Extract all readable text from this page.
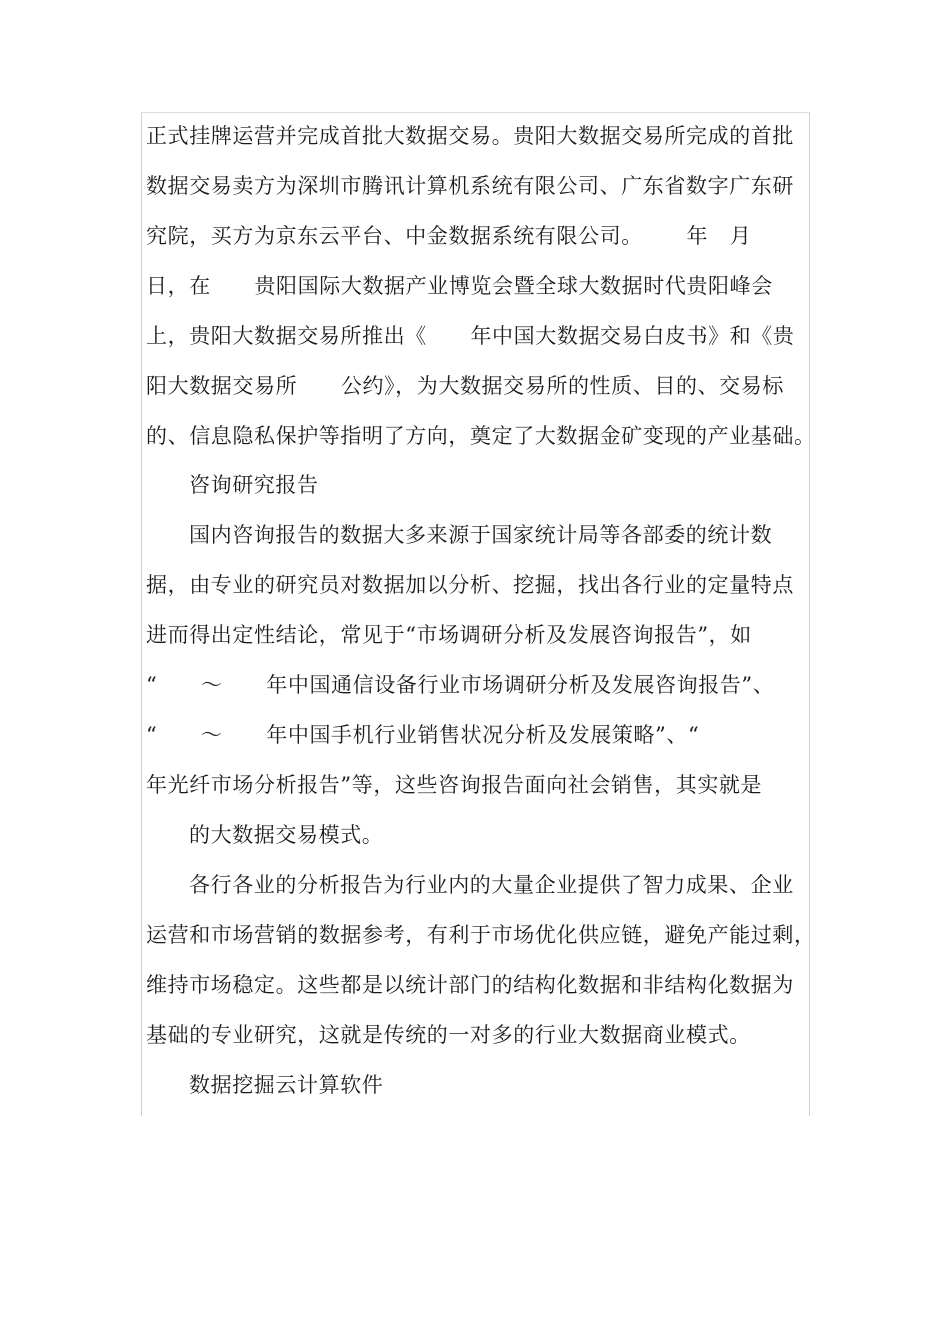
正式挂牌运营并完成首批大数据交易。贵阳大数据交易所完成的首批
数据交易卖方为深圳市腾讯计算机系统有限公司、广东省数字广东研
究院，买方为京东云平台、中金数据系统有限公司。      年   月
日，在      贵阳国际大数据产业博览会暨全球大数据时代贵阳峰会
上，贵阳大数据交易所推出《      年中国大数据交易白皮书》和《贵
阳大数据交易所      公约》，为大数据交易所的性质、目的、交易标
的、信息隐私保护等指明了方向，奠定了大数据金矿变现的产业基础。
咨询研究报告
国内咨询报告的数据大多来源于国家统计局等各部委的统计数
据，由专业的研究员对数据加以分析、挖掘，找出各行业的定量特点
进而得出定性结论，常见于“市场调研分析及发展咨询报告”，如
“      ～      年中国通信设备行业市场调研分析及发展咨询报告”、
“      ～      年中国手机行业销售状况分析及发展策略”、“
年光纤市场分析报告”等，这些咨询报告面向社会销售，其实就是
的大数据交易模式。
各行各业的分析报告为行业内的大量企业提供了智力成果、企业
运营和市场营销的数据参考，有利于市场优化供应链，避免产能过剩，
维持市场稳定。这些都是以统计部门的结构化数据和非结构化数据为
基础的专业研究，这就是传统的一对多的行业大数据商业模式。
数据挖掘云计算软件
